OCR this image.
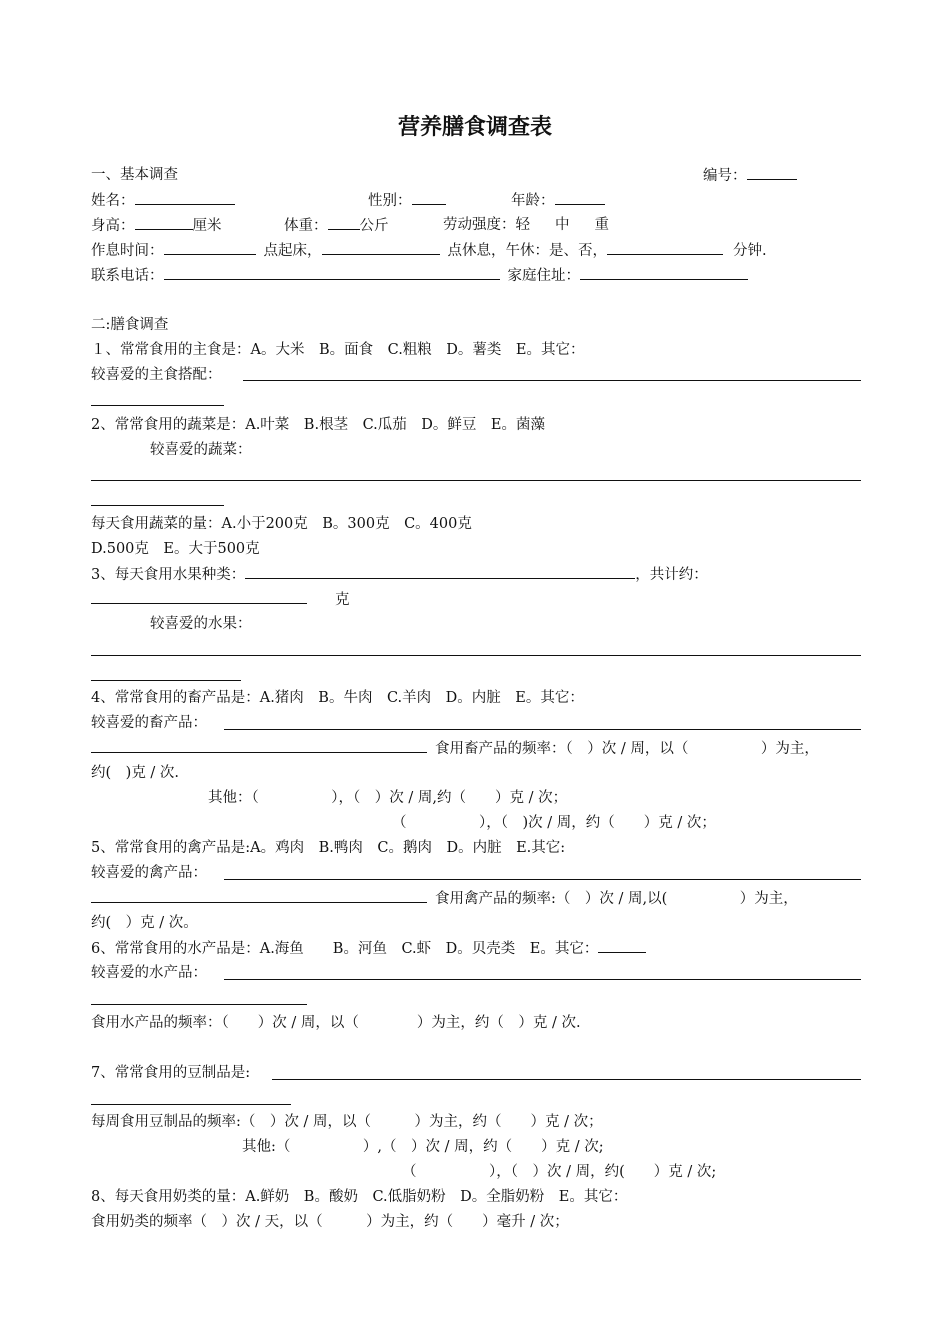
营养膳食调查表
一、基本调查	编号：
姓名：	性别：	年龄：
身高：	厘米	体重： 公斤	劳动强度：轻 中 重
作息时间：	点起床，	点休息，午休：是、否，	分钟.
联系电话：	家庭住址：
二:膳食调查
１、常常食用的主食是：A。大米　B。面食　C.粗粮　D。薯类　E。其它：
较喜爱的主食搭配：
2、常常食用的蔬菜是：A.叶菜　B.根茎　C.瓜茄　D。鲜豆　E。菌藻
较喜爱的蔬菜：
每天食用蔬菜的量：A.小于200克　B。300克　C。400克
D.500克　E。大于500克
3、每天食用水果种类：	，共计约：
克
较喜爱的水果：
4、常常食用的畜产品是：A.猪肉　B。牛肉　C.羊肉　D。内脏　E。其它：
较喜爱的畜产品：
食用畜产品的频率：（　）次 / 周，以（　　　　　）为主，
约(　)克 / 次.
其他：（　　　　　），（　）次 / 周,约（　　）克 / 次；
（　　　　　），（　)次 / 周，约（　　）克 / 次；
5、常常食用的禽产品是:A。鸡肉　B.鸭肉　C。鹅肉　D。内脏　E.其它:
较喜爱的禽产品：
食用禽产品的频率:（　）次 / 周,以(　　　　　）为主，
约(　）克 / 次。
6、常常食用的水产品是：A.海鱼　　B。河鱼　C.虾　D。贝壳类　E。其它：
较喜爱的水产品：
食用水产品的频率：（　　）次 / 周，以（　　　　）为主，约（　）克 / 次.
7、常常食用的豆制品是:
每周食用豆制品的频率:（　）次 / 周，以（　　　）为主，约（　　）克 / 次；
其他:（　　　　　）,（　）次 / 周，约（　　）克 / 次;
（　　　　　），（　）次 / 周，约(　　）克 / 次;
8、每天食用奶类的量：A.鲜奶　B。酸奶　C.低脂奶粉　D。全脂奶粉　E。其它：
食用奶类的频率（　）次 / 天，以（　　　）为主，约（　　）毫升 / 次；
